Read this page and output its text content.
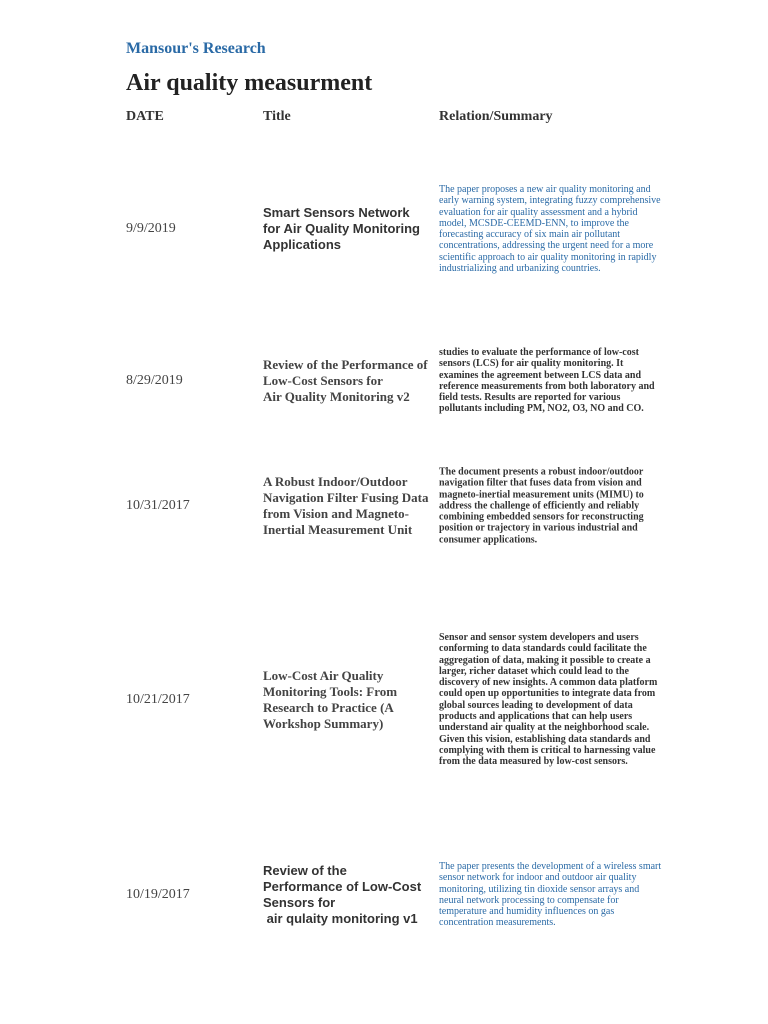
Mansour's Research
Air quality measurment
DATE	Title	Relation/Summary
9/9/2019
Smart Sensors Network
for Air Quality Monitoring
Applications
The paper proposes a new air quality monitoring and early warning system, integrating fuzzy comprehensive evaluation for air quality assessment and a hybrid model, MCSDE-CEEMD-ENN, to improve the forecasting accuracy of six main air pollutant concentrations, addressing the urgent need for a more scientific approach to air quality monitoring in rapidly industrializing and urbanizing countries.
8/29/2019
Review of the Performance of
Low-Cost Sensors for
Air Quality Monitoring v2
studies to evaluate the performance of low-cost sensors (LCS) for air quality monitoring. It examines the agreement between LCS data and reference measurements from both laboratory and field tests. Results are reported for various pollutants including PM, NO2, O3, NO and CO.
10/31/2017
A Robust Indoor/Outdoor
Navigation Filter Fusing Data
from Vision and Magneto-
Inertial Measurement Unit
The document presents a robust indoor/outdoor navigation filter that fuses data from vision and magneto-inertial measurement units (MIMU) to address the challenge of efficiently and reliably combining embedded sensors for reconstructing position or trajectory in various industrial and consumer applications.
10/21/2017
Low-Cost Air Quality
Monitoring Tools: From
Research to Practice (A
Workshop Summary)
Sensor and sensor system developers and users conforming to data standards could facilitate the aggregation of data, making it possible to create a larger, richer dataset which could lead to the discovery of new insights. A common data platform could open up opportunities to integrate data from global sources leading to development of data products and applications that can help users understand air quality at the neighborhood scale. Given this vision, establishing data standards and complying with them is critical to harnessing value from the data measured by low-cost sensors.
10/19/2017
Review of the
Performance of Low-Cost
Sensors for
air qulaity monitoring v1
The paper presents the development of a wireless smart sensor network for indoor and outdoor air quality monitoring, utilizing tin dioxide sensor arrays and neural network processing to compensate for temperature and humidity influences on gas concentration measurements.
